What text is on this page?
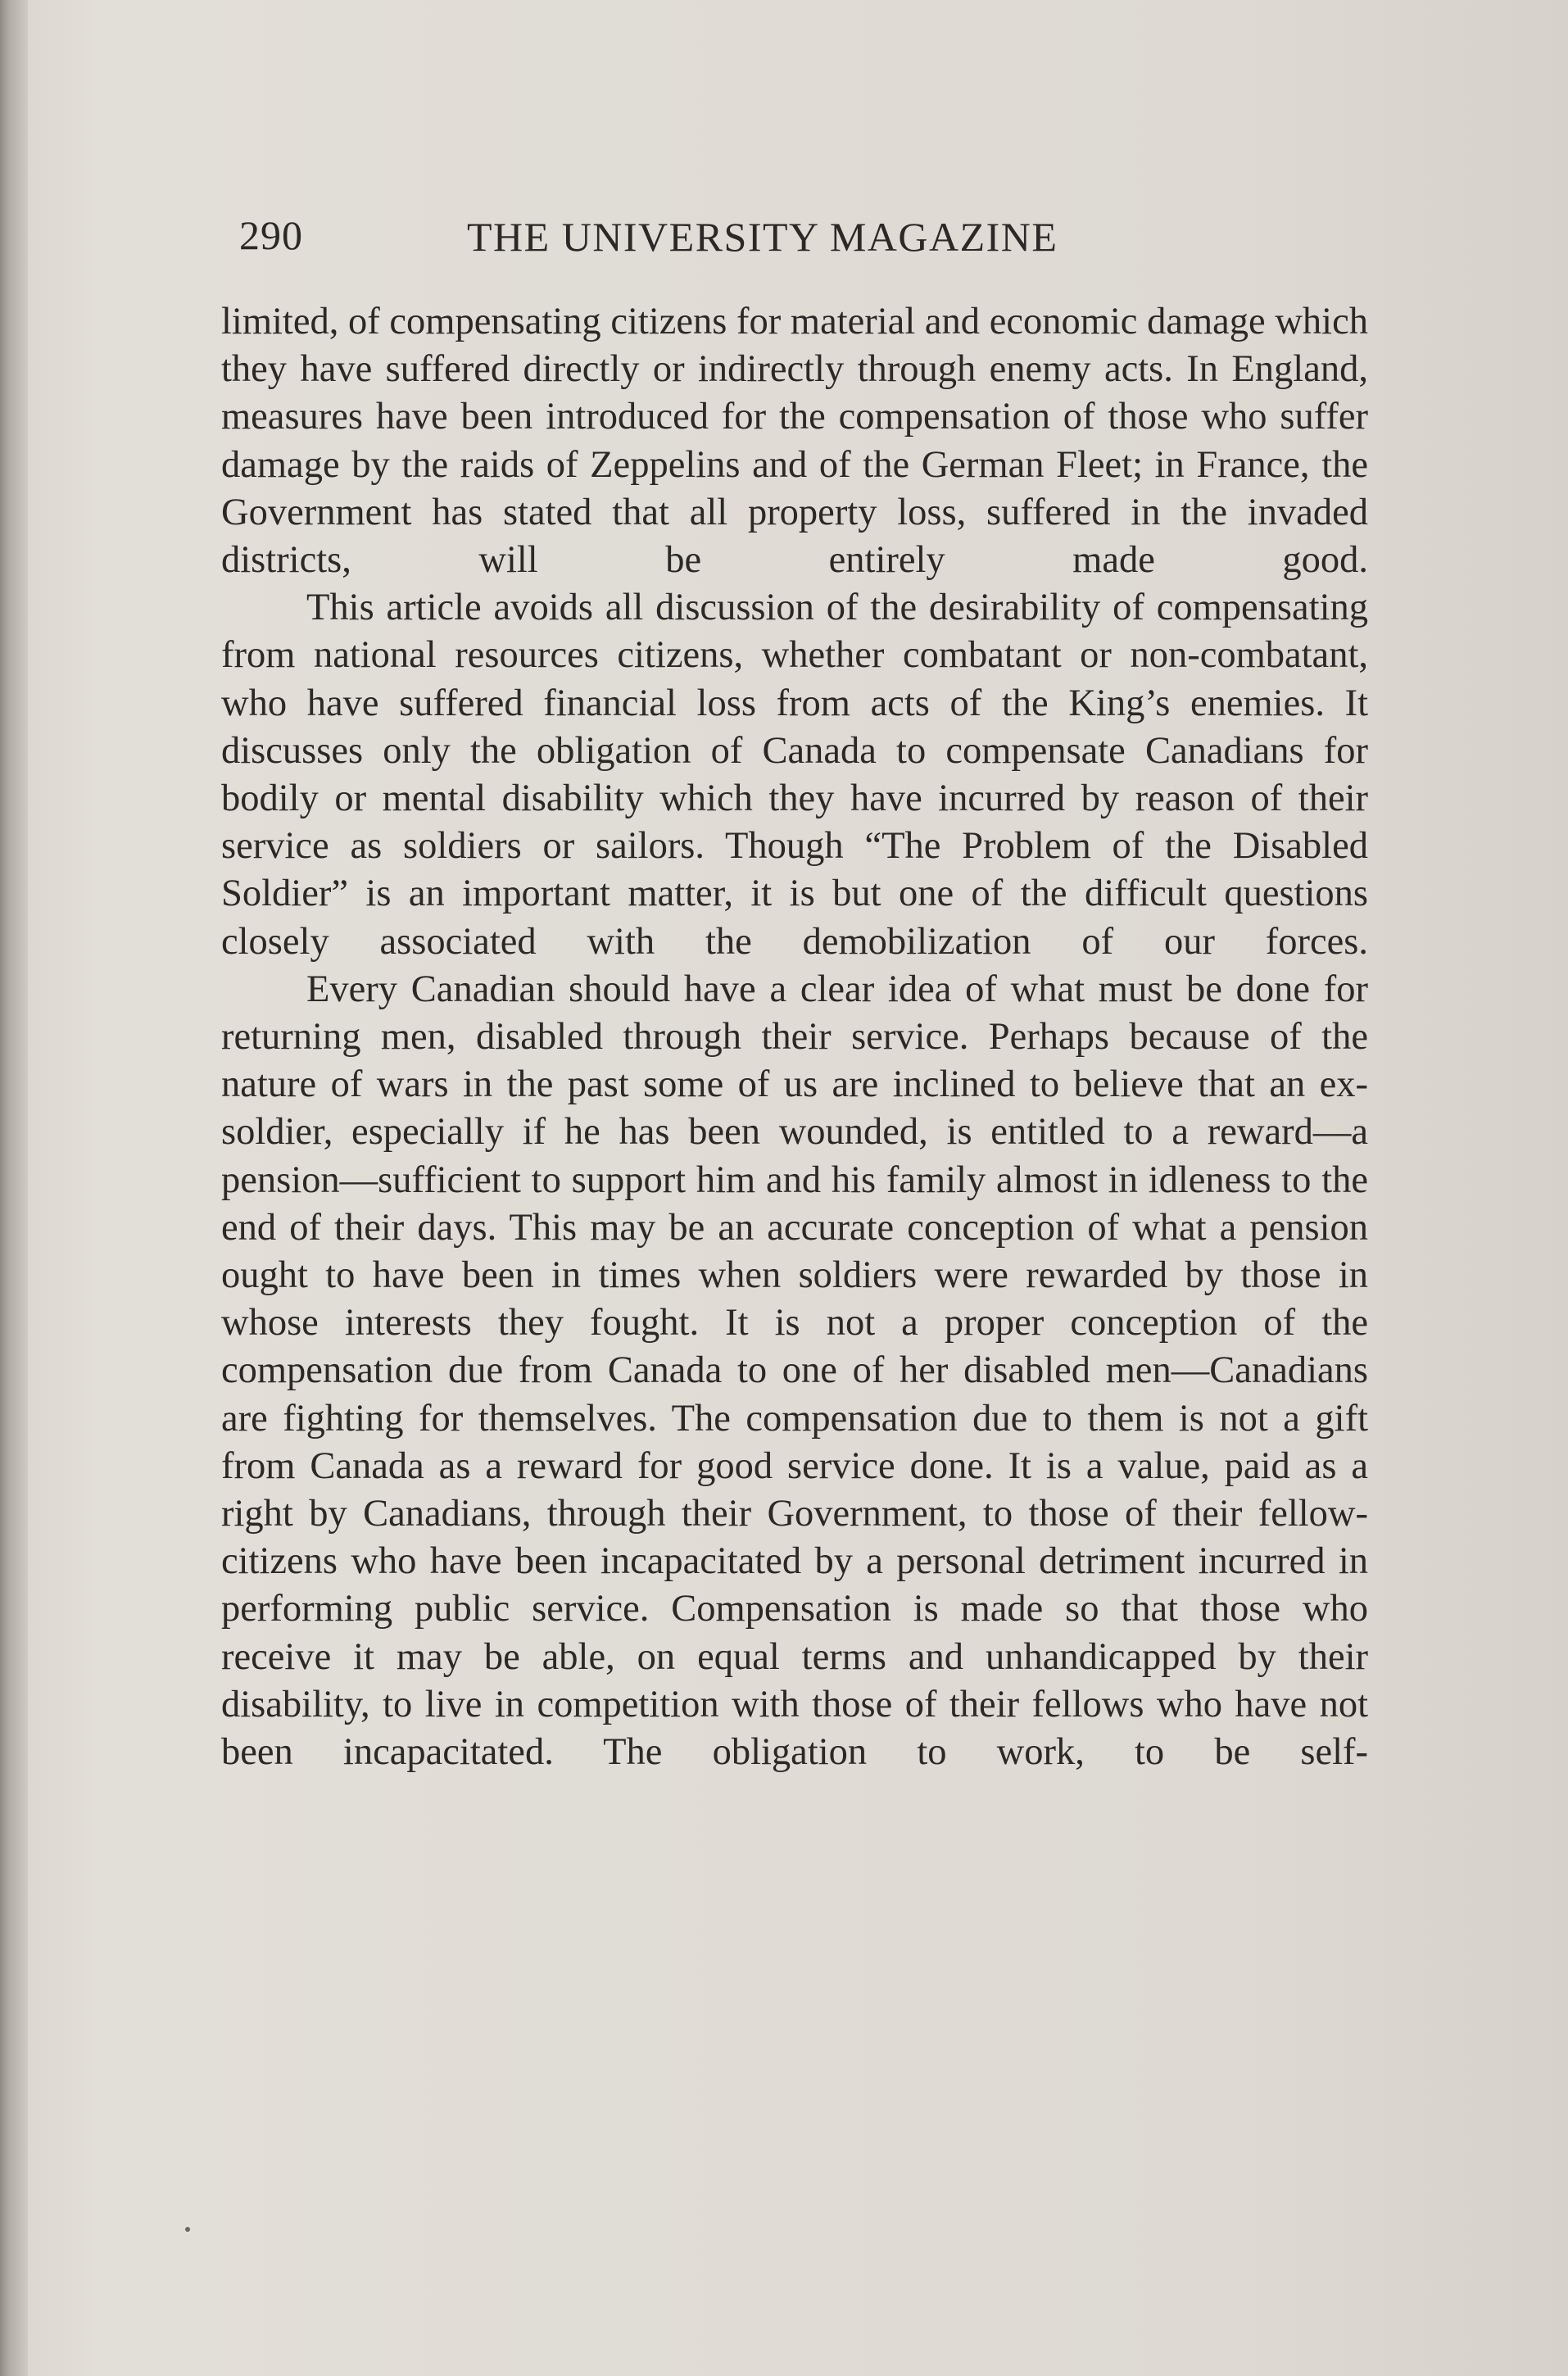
290	THE UNIVERSITY MAGAZINE

limited, of compensating citizens for material and economic damage which they have suffered directly or indirectly through enemy acts. In England, measures have been introduced for the compensation of those who suffer damage by the raids of Zeppelins and of the German Fleet; in France, the Government has stated that all property loss, suffered in the invaded districts, will be entirely made good.

This article avoids all discussion of the desirability of compensating from national resources citizens, whether combatant or non-combatant, who have suffered financial loss from acts of the King’s enemies. It discusses only the obligation of Canada to compensate Canadians for bodily or mental disability which they have incurred by reason of their service as soldiers or sailors. Though “The Problem of the Disabled Soldier” is an important matter, it is but one of the difficult questions closely associated with the demobilization of our forces.

Every Canadian should have a clear idea of what must be done for returning men, disabled through their service. Perhaps because of the nature of wars in the past some of us are inclined to believe that an ex-soldier, especially if he has been wounded, is entitled to a reward—a pension—sufficient to support him and his family almost in idleness to the end of their days. This may be an accurate conception of what a pension ought to have been in times when soldiers were rewarded by those in whose interests they fought. It is not a proper conception of the compensation due from Canada to one of her disabled men—Canadians are fighting for themselves. The compensation due to them is not a gift from Canada as a reward for good service done. It is a value, paid as a right by Canadians, through their Government, to those of their fellow-citizens who have been incapacitated by a personal detriment incurred in performing public service. Compensation is made so that those who receive it may be able, on equal terms and unhandicapped by their disability, to live in competition with those of their fellows who have not been incapacitated. The obligation to work, to be self-
